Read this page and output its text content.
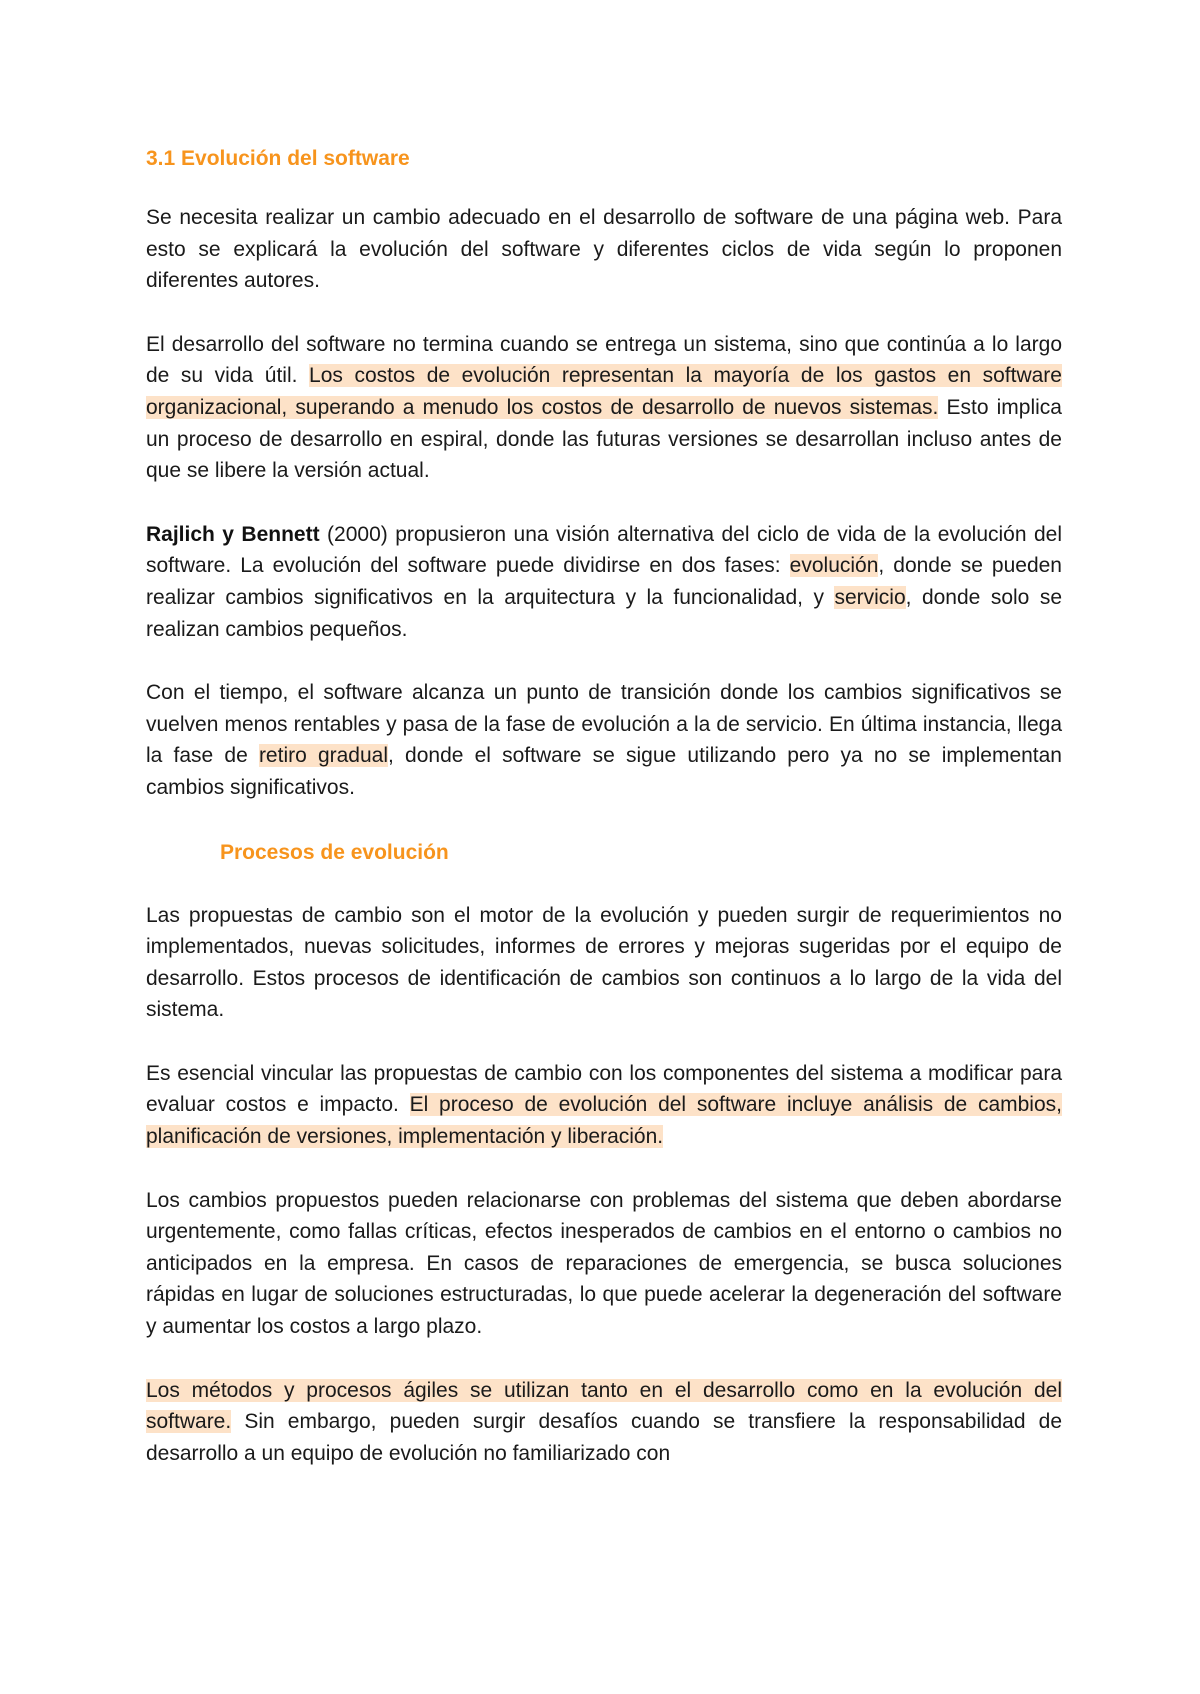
3.1 Evolución del software

Se necesita realizar un cambio adecuado en el desarrollo de software de una página web. Para esto se explicará la evolución del software y diferentes ciclos de vida según lo proponen diferentes autores.

El desarrollo del software no termina cuando se entrega un sistema, sino que continúa a lo largo de su vida útil. Los costos de evolución representan la mayoría de los gastos en software organizacional, superando a menudo los costos de desarrollo de nuevos sistemas. Esto implica un proceso de desarrollo en espiral, donde las futuras versiones se desarrollan incluso antes de que se libere la versión actual.

Rajlich y Bennett (2000) propusieron una visión alternativa del ciclo de vida de la evolución del software. La evolución del software puede dividirse en dos fases: evolución, donde se pueden realizar cambios significativos en la arquitectura y la funcionalidad, y servicio, donde solo se realizan cambios pequeños.

Con el tiempo, el software alcanza un punto de transición donde los cambios significativos se vuelven menos rentables y pasa de la fase de evolución a la de servicio. En última instancia, llega la fase de retiro gradual, donde el software se sigue utilizando pero ya no se implementan cambios significativos.

Procesos de evolución

Las propuestas de cambio son el motor de la evolución y pueden surgir de requerimientos no implementados, nuevas solicitudes, informes de errores y mejoras sugeridas por el equipo de desarrollo. Estos procesos de identificación de cambios son continuos a lo largo de la vida del sistema.

Es esencial vincular las propuestas de cambio con los componentes del sistema a modificar para evaluar costos e impacto. El proceso de evolución del software incluye análisis de cambios, planificación de versiones, implementación y liberación.

Los cambios propuestos pueden relacionarse con problemas del sistema que deben abordarse urgentemente, como fallas críticas, efectos inesperados de cambios en el entorno o cambios no anticipados en la empresa. En casos de reparaciones de emergencia, se busca soluciones rápidas en lugar de soluciones estructuradas, lo que puede acelerar la degeneración del software y aumentar los costos a largo plazo.

Los métodos y procesos ágiles se utilizan tanto en el desarrollo como en la evolución del software. Sin embargo, pueden surgir desafíos cuando se transfiere la responsabilidad de desarrollo a un equipo de evolución no familiarizado con
